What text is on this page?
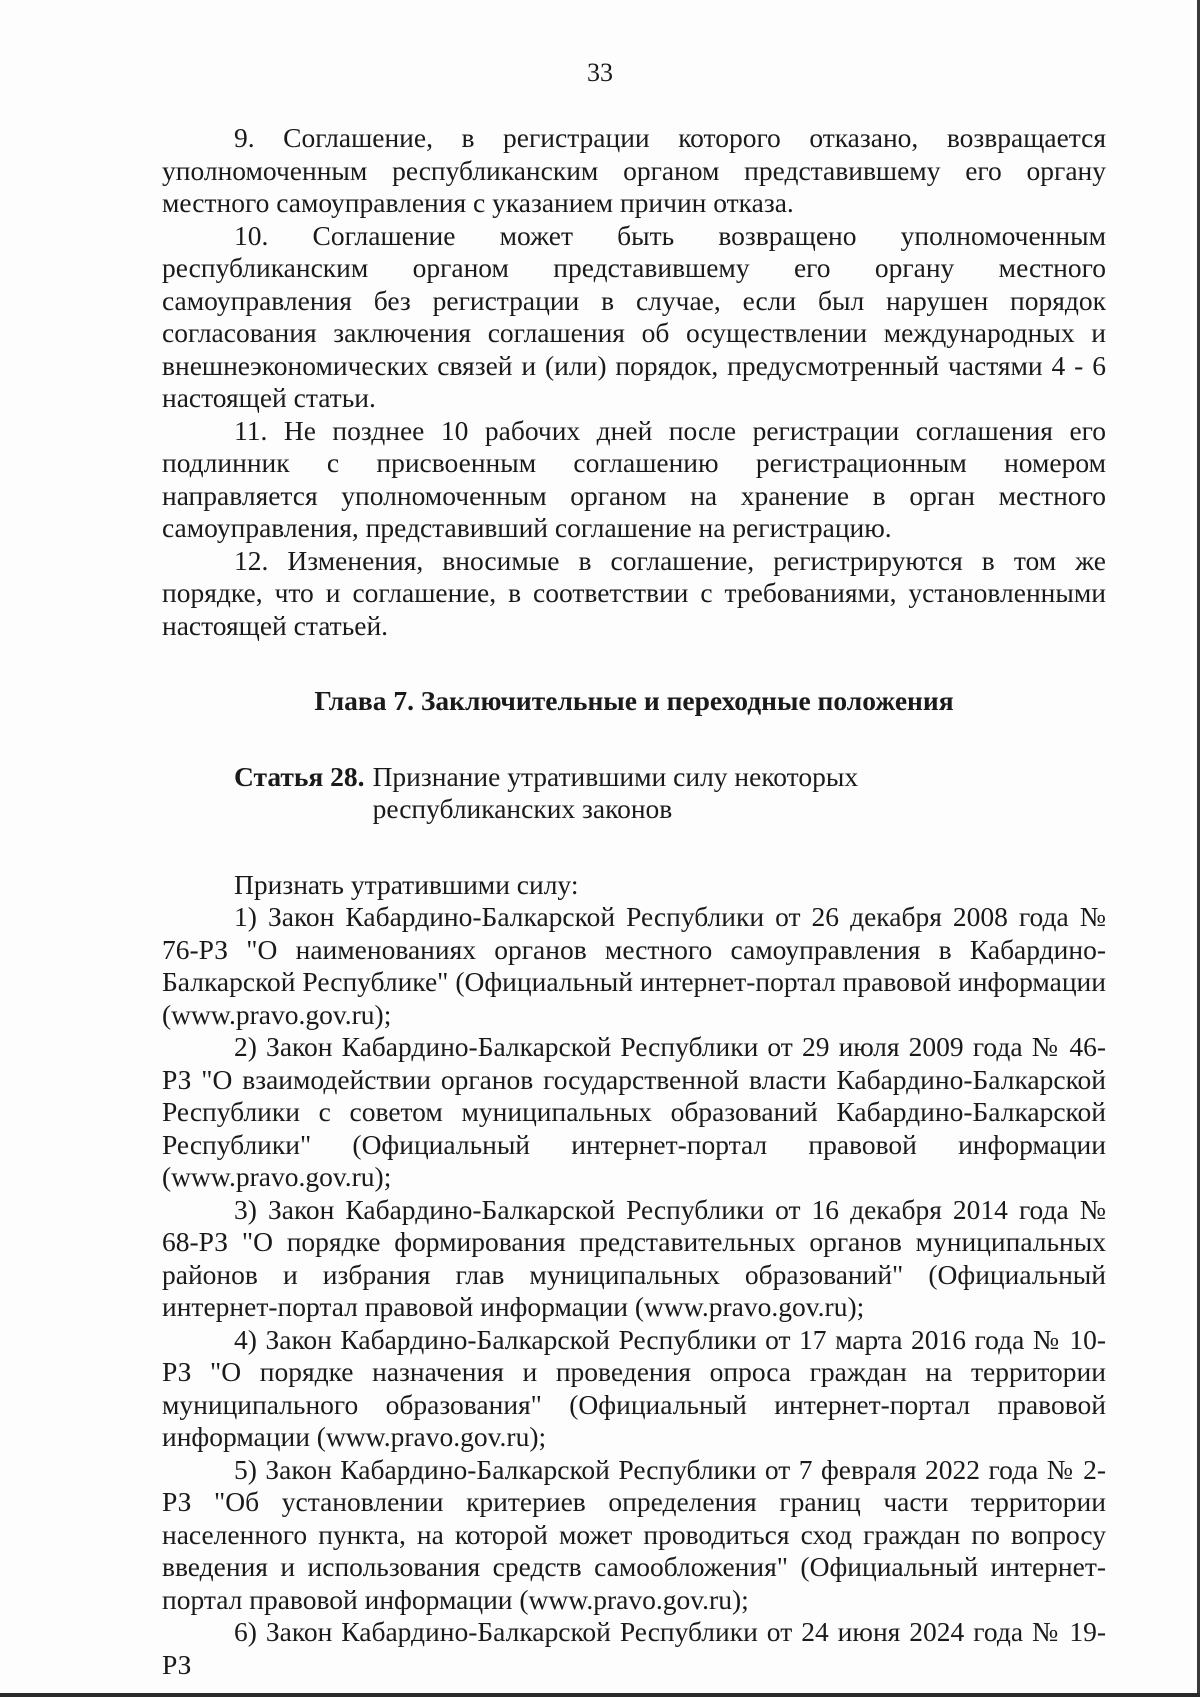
33

9. Соглашение, в регистрации которого отказано, возвращается уполномоченным республиканским органом представившему его органу местного самоуправления с указанием причин отказа.

10. Соглашение может быть возвращено уполномоченным республиканским органом представившему его органу местного самоуправления без регистрации в случае, если был нарушен порядок согласования заключения соглашения об осуществлении международных и внешнеэкономических связей и (или) порядок, предусмотренный частями 4 - 6 настоящей статьи.

11. Не позднее 10 рабочих дней после регистрации соглашения его подлинник с присвоенным соглашению регистрационным номером направляется уполномоченным органом на хранение в орган местного самоуправления, представивший соглашение на регистрацию.

12. Изменения, вносимые в соглашение, регистрируются в том же порядке, что и соглашение, в соответствии с требованиями, установленными настоящей статьей.

Глава 7. Заключительные и переходные положения
Статья 28. Признание утратившими силу некоторых республиканских законов

Признать утратившими силу:

1) Закон Кабардино-Балкарской Республики от 26 декабря 2008 года № 76-РЗ "О наименованиях органов местного самоуправления в Кабардино-Балкарской Республике" (Официальный интернет-портал правовой информации (www.pravo.gov.ru);

2) Закон Кабардино-Балкарской Республики от 29 июля 2009 года № 46-РЗ "О взаимодействии органов государственной власти Кабардино-Балкарской Республики с советом муниципальных образований Кабардино-Балкарской Республики" (Официальный интернет-портал правовой информации (www.pravo.gov.ru);

3) Закон Кабардино-Балкарской Республики от 16 декабря 2014 года № 68-РЗ "О порядке формирования представительных органов муниципальных районов и избрания глав муниципальных образований" (Официальный интернет-портал правовой информации (www.pravo.gov.ru);

4) Закон Кабардино-Балкарской Республики от 17 марта 2016 года № 10-РЗ "О порядке назначения и проведения опроса граждан на территории муниципального образования" (Официальный интернет-портал правовой информации (www.pravo.gov.ru);

5) Закон Кабардино-Балкарской Республики от 7 февраля 2022 года № 2-РЗ "Об установлении критериев определения границ части территории населенного пункта, на которой может проводиться сход граждан по вопросу введения и использования средств самообложения" (Официальный интернет-портал правовой информации (www.pravo.gov.ru);

6) Закон Кабардино-Балкарской Республики от 24 июня 2024 года № 19-РЗ
